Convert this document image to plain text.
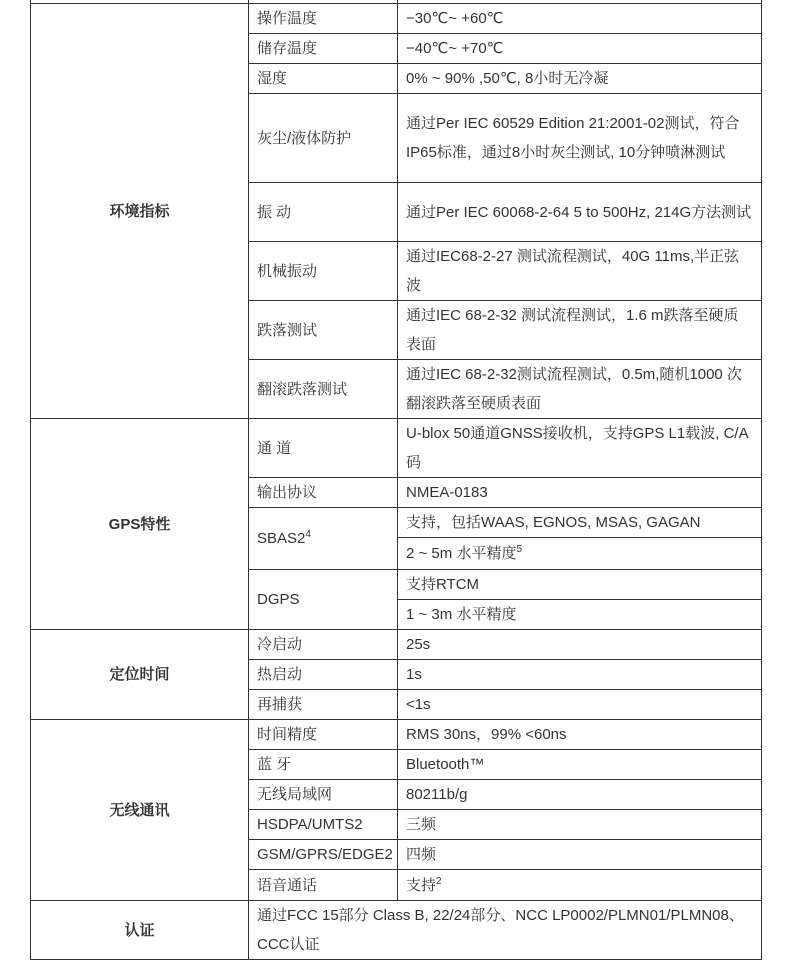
环境指标	操作温度	−30℃~ +60℃
	储存温度	−40℃~ +70℃
	湿度	0% ~ 90% ,50℃, 8小时无冷凝
	灰尘/液体防护	通过Per IEC 60529 Edition 21:2001-02测试，符合IP65标准，通过8小时灰尘测试, 10分钟喷淋测试
	振 动	通过Per IEC 60068-2-64 5 to 500Hz, 214G方法测试
	机械振动	通过IEC68-2-27 测试流程测试，40G 11ms,半正弦波
	跌落测试	通过IEC 68-2-32 测试流程测试，1.6 m跌落至硬质表面
	翻滚跌落测试	通过IEC 68-2-32测试流程测试，0.5m,随机1000 次翻滚跌落至硬质表面
GPS特性	通 道	U-blox 50通道GNSS接收机，支持GPS L1载波, C/A码
	输出协议	NMEA-0183
	$SBAS2^4$	支持，包括WAAS, EGNOS, MSAS, GAGAN
		2 ~ 5m 水平精度$^5$
	DGPS	支持RTCM
		1 ~ 3m 水平精度
定位时间	冷启动	25s
	热启动	1s
	再捕获	<1s
无线通讯	时间精度	RMS 30ns，99% <60ns
	蓝 牙	Bluetooth™
	无线局域网	80211b/g
	HSDPA/UMTS2	三频
	GSM/GPRS/EDGE2	四频
	语音通话	支持$^2$
认证	通过FCC 15部分 Class B, 22/24部分、NCC LP0002/PLMN01/PLMN08、CCC认证	
